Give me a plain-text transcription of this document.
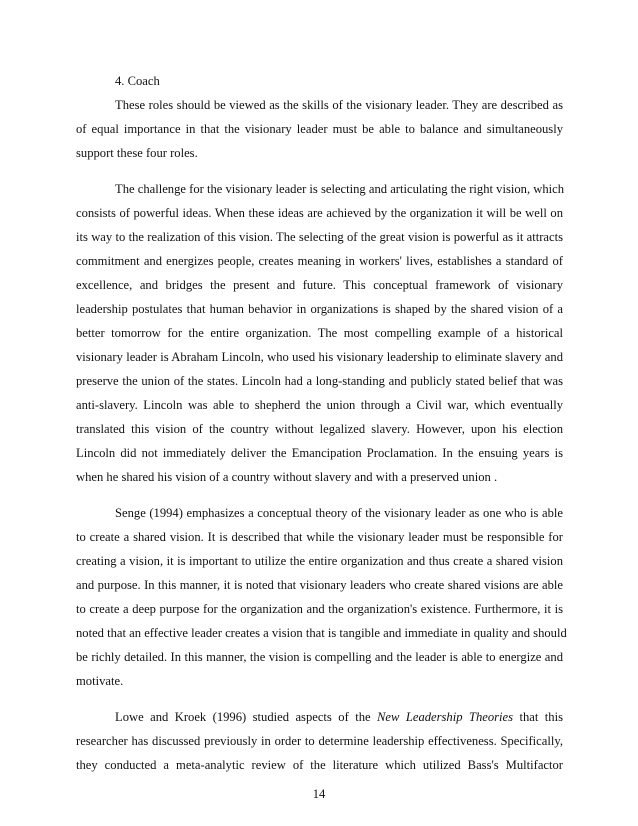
4. Coach
These roles should be viewed as the skills of the visionary leader. They are described as
of equal importance in that the visionary leader must be able to balance and simultaneously
support these four roles.
The challenge for the visionary leader is selecting and articulating the right vision, which
consists of powerful ideas. When these ideas are achieved by the organization it will be well on
its way to the realization of this vision. The selecting of the great vision is powerful as it attracts
commitment and energizes people, creates meaning in workers' lives, establishes a standard of
excellence, and bridges the present and future. This conceptual framework of visionary
leadership postulates that human behavior in organizations is shaped by the shared vision of a
better tomorrow for the entire organization. The most compelling example of a historical
visionary leader is Abraham Lincoln, who used his visionary leadership to eliminate slavery and
preserve the union of the states. Lincoln had a long-standing and publicly stated belief that was
anti-slavery. Lincoln was able to shepherd the union through a Civil war, which eventually
translated this vision of the country without legalized slavery. However, upon his election
Lincoln did not immediately deliver the Emancipation Proclamation. In the ensuing years is
when he shared his vision of a country without slavery and with a preserved union .
Senge (1994) emphasizes a conceptual theory of the visionary leader as one who is able
to create a shared vision. It is described that while the visionary leader must be responsible for
creating a vision, it is important to utilize the entire organization and thus create a shared vision
and purpose. In this manner, it is noted that visionary leaders who create shared visions are able
to create a deep purpose for the organization and the organization's existence. Furthermore, it is
noted that an effective leader creates a vision that is tangible and immediate in quality and should
be richly detailed. In this manner, the vision is compelling and the leader is able to energize and
motivate.
Lowe and Kroek (1996) studied aspects of the New Leadership Theories that this
researcher has discussed previously in order to determine leadership effectiveness. Specifically,
they conducted a meta-analytic review of the literature which utilized Bass's Multifactor
14
